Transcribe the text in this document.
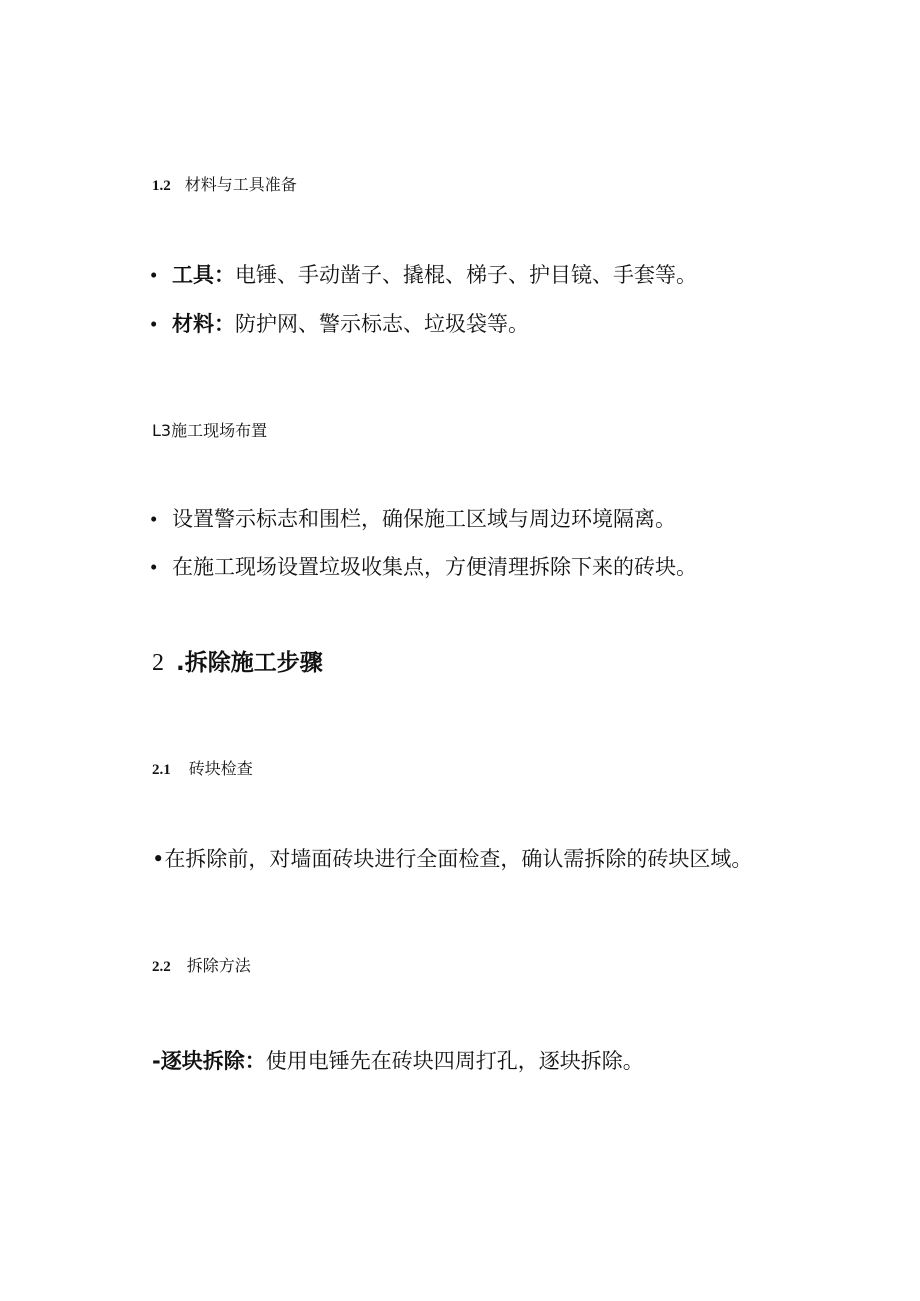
1.2 材料与工具准备
• 工具：电锤、手动凿子、撬棍、梯子、护目镜、手套等。
• 材料：防护网、警示标志、垃圾袋等。
L3施工现场布置
• 设置警示标志和围栏，确保施工区域与周边环境隔离。
• 在施工现场设置垃圾收集点，方便清理拆除下来的砖块。
2 .拆除施工步骤
2.1 砖块检查
•在拆除前，对墙面砖块进行全面检查，确认需拆除的砖块区域。
2.2 拆除方法
-逐块拆除：使用电锤先在砖块四周打孔，逐块拆除。
